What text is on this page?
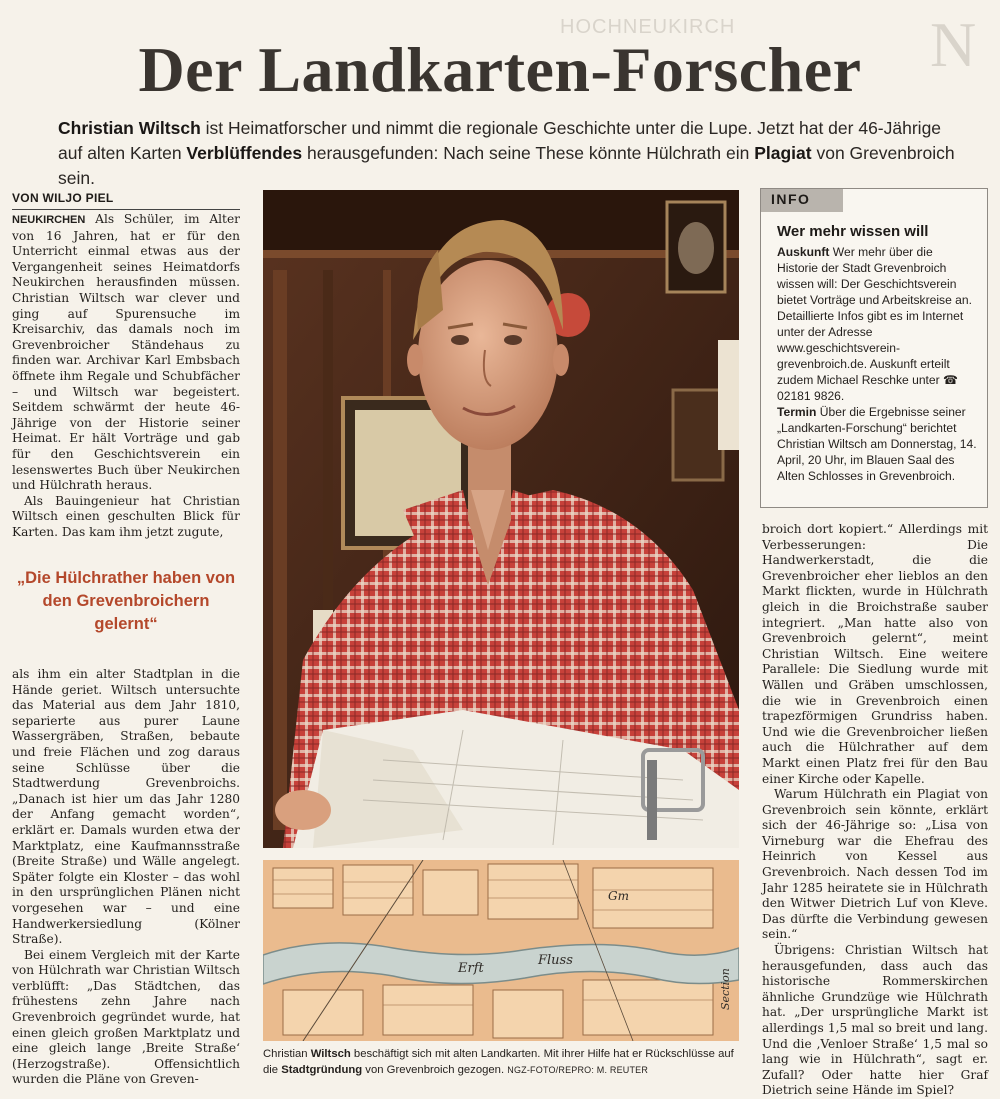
HOCHNEUKIRCH	N
Der Landkarten-Forscher
Christian Wiltsch ist Heimatforscher und nimmt die regionale Geschichte unter die Lupe. Jetzt hat der 46-Jährige auf alten Karten Verblüffendes herausgefunden: Nach seine These könnte Hülchrath ein Plagiat von Grevenbroich sein.
VON WILJO PIEL

NEUKIRCHEN Als Schüler, im Alter von 16 Jahren, hat er für den Unterricht einmal etwas aus der Vergangenheit seines Heimatdorfs Neukirchen herausfinden müssen. Christian Wiltsch war clever und ging auf Spurensuche im Kreisarchiv, das damals noch im Grevenbroicher Ständehaus zu finden war. Archivar Karl Embsbach öffnete ihm Regale und Schubfächer – und Wiltsch war begeistert. Seitdem schwärmt der heute 46-Jährige von der Historie seiner Heimat. Er hält Vorträge und gab für den Geschichtsverein ein lesenswertes Buch über Neukirchen und Hülchrath heraus.

Als Bauingenieur hat Christian Wiltsch einen geschulten Blick für Karten. Das kam ihm jetzt zugute,

„Die Hülchrather haben von den Grevenbroichern gelernt“

als ihm ein alter Stadtplan in die Hände geriet. Wiltsch untersuchte das Material aus dem Jahr 1810, separierte aus purer Laune Wassergräben, Straßen, bebaute und freie Flächen und zog daraus seine Schlüsse über die Stadtwerdung Grevenbroichs. „Danach ist hier um das Jahr 1280 der Anfang gemacht worden“, erklärt er. Damals wurden etwa der Marktplatz, eine Kaufmannsstraße (Breite Straße) und Wälle angelegt. Später folgte ein Kloster – das wohl in den ursprünglichen Plänen nicht vorgesehen war – und eine Handwerkersiedlung (Kölner Straße).

Bei einem Vergleich mit der Karte von Hülchrath war Christian Wiltsch verblüfft: „Das Städtchen, das frühestens zehn Jahre nach Grevenbroich gegründet wurde, hat einen gleich großen Marktplatz und eine gleich lange ‚Breite Straße‘ (Herzogstraße). Offensichtlich wurden die Pläne von Greven-

Erft
Fluss
Gm
Section
Christian Wiltsch beschäftigt sich mit alten Landkarten. Mit ihrer Hilfe hat er Rückschlüsse auf die Stadtgründung von Grevenbroich gezogen. NGZ-FOTO/REPRO: M. REUTER
INFO
Wer mehr wissen will
Auskunft Wer mehr über die Historie der Stadt Grevenbroich wissen will: Der Geschichtsverein bietet Vorträge und Arbeitskreise an. Detaillierte Infos gibt es im Internet unter der Adresse www.geschichtsverein-grevenbroich.de. Auskunft erteilt zudem Michael Reschke unter ☎ 02181 9826.
Termin Über die Ergebnisse seiner „Landkarten-Forschung“ berichtet Christian Wiltsch am Donnerstag, 14. April, 20 Uhr, im Blauen Saal des Alten Schlosses in Grevenbroich.

broich dort kopiert.“ Allerdings mit Verbesserungen: Die Handwerkerstadt, die die Grevenbroicher eher lieblos an den Markt flickten, wurde in Hülchrath gleich in die Broichstraße sauber integriert. „Man hatte also von Grevenbroich gelernt“, meint Christian Wiltsch. Eine weitere Parallele: Die Siedlung wurde mit Wällen und Gräben umschlossen, die wie in Grevenbroich einen trapezförmigen Grundriss haben. Und wie die Grevenbroicher ließen auch die Hülchrather auf dem Markt einen Platz frei für den Bau einer Kirche oder Kapelle.

Warum Hülchrath ein Plagiat von Grevenbroich sein könnte, erklärt sich der 46-Jährige so: „Lisa von Virneburg war die Ehefrau des Heinrich von Kessel aus Grevenbroich. Nach dessen Tod im Jahr 1285 heiratete sie in Hülchrath den Witwer Dietrich Luf von Kleve. Das dürfte die Verbindung gewesen sein.“

Übrigens: Christian Wiltsch hat herausgefunden, dass auch das historische Rommerskirchen ähnliche Grundzüge wie Hülchrath hat. „Der ursprüngliche Markt ist allerdings 1,5 mal so breit und lang. Und die ‚Venloer Straße‘ 1,5 mal so lang wie in Hülchrath“, sagt er. Zufall? Oder hatte hier Graf Dietrich seine Hände im Spiel?
